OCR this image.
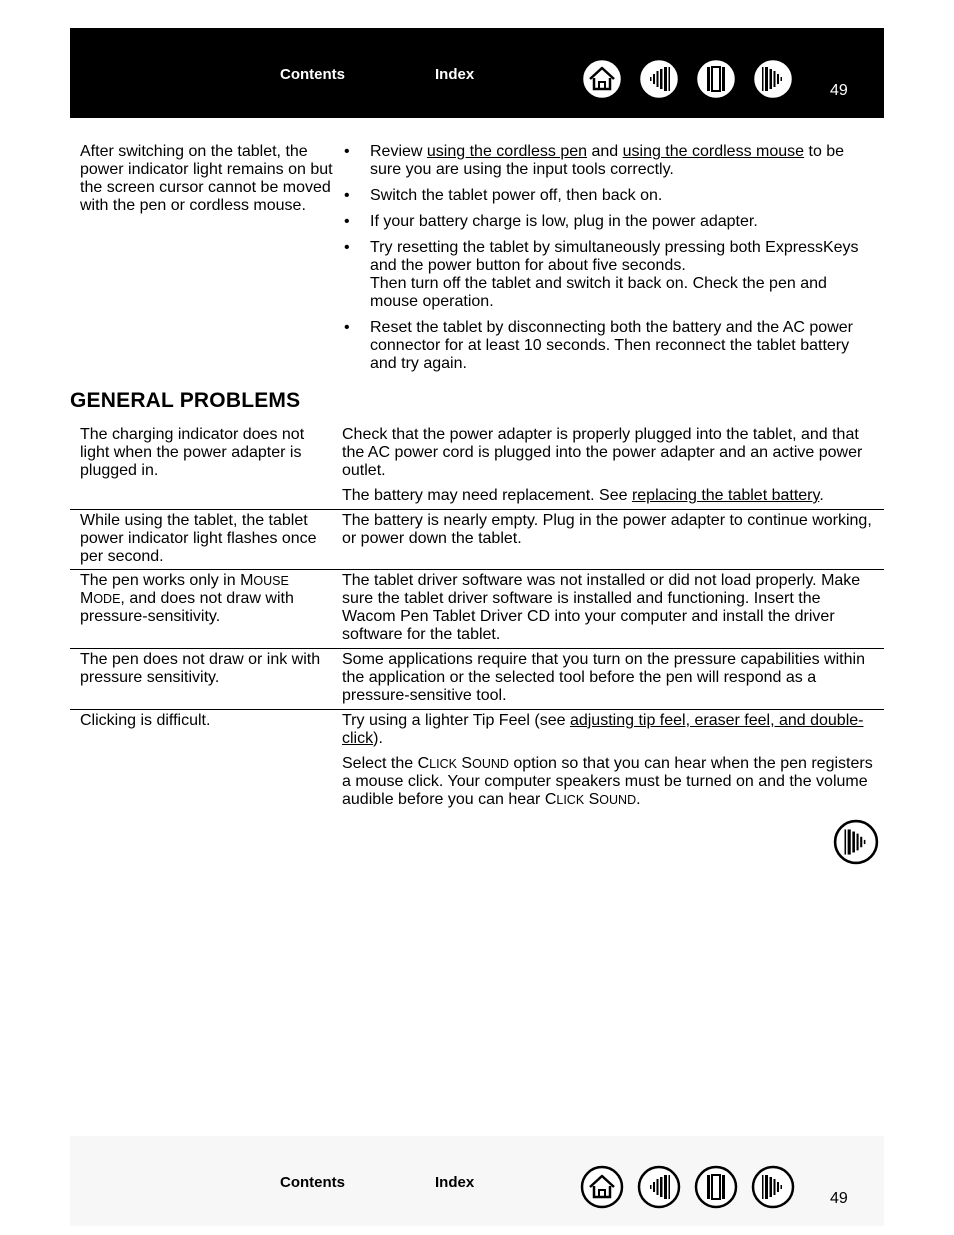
Contents	Index
49
After switching on the tablet, the power indicator light remains on but the screen cursor cannot be moved with the pen or cordless mouse.	
• Review using the cordless pen and using the cordless mouse to be sure you are using the input tools correctly.
• Switch the tablet power off, then back on.
• If your battery charge is low, plug in the power adapter.
• Try resetting the tablet by simultaneously pressing both ExpressKeys and the power button for about five seconds.
Then turn off the tablet and switch it back on. Check the pen and mouse operation.
• Reset the tablet by disconnecting both the battery and the AC power connector for at least 10 seconds. Then reconnect the tablet battery and try again.
GENERAL PROBLEMS
The charging indicator does not light when the power adapter is plugged in.	Check that the power adapter is properly plugged into the tablet, and that the AC power cord is plugged into the power adapter and an active power outlet.

The battery may need replacement. See replacing the tablet battery.

While using the tablet, the tablet power indicator light flashes once per second.	The battery is nearly empty. Plug in the power adapter to continue working, or power down the tablet.
The pen works only in MOUSE MODE, and does not draw with pressure-sensitivity.	The tablet driver software was not installed or did not load properly. Make sure the tablet driver software is installed and functioning. Insert the Wacom Pen Tablet Driver CD into your computer and install the driver software for the tablet.
The pen does not draw or ink with pressure sensitivity.	Some applications require that you turn on the pressure capabilities within the application or the selected tool before the pen will respond as a pressure-sensitive tool.
Clicking is difficult.	Try using a lighter Tip Feel (see adjusting tip feel, eraser feel, and double-click).

Select the CLICK SOUND option so that you can hear when the pen registers a mouse click. Your computer speakers must be turned on and the volume audible before you can hear CLICK SOUND.

Contents	Index
49
